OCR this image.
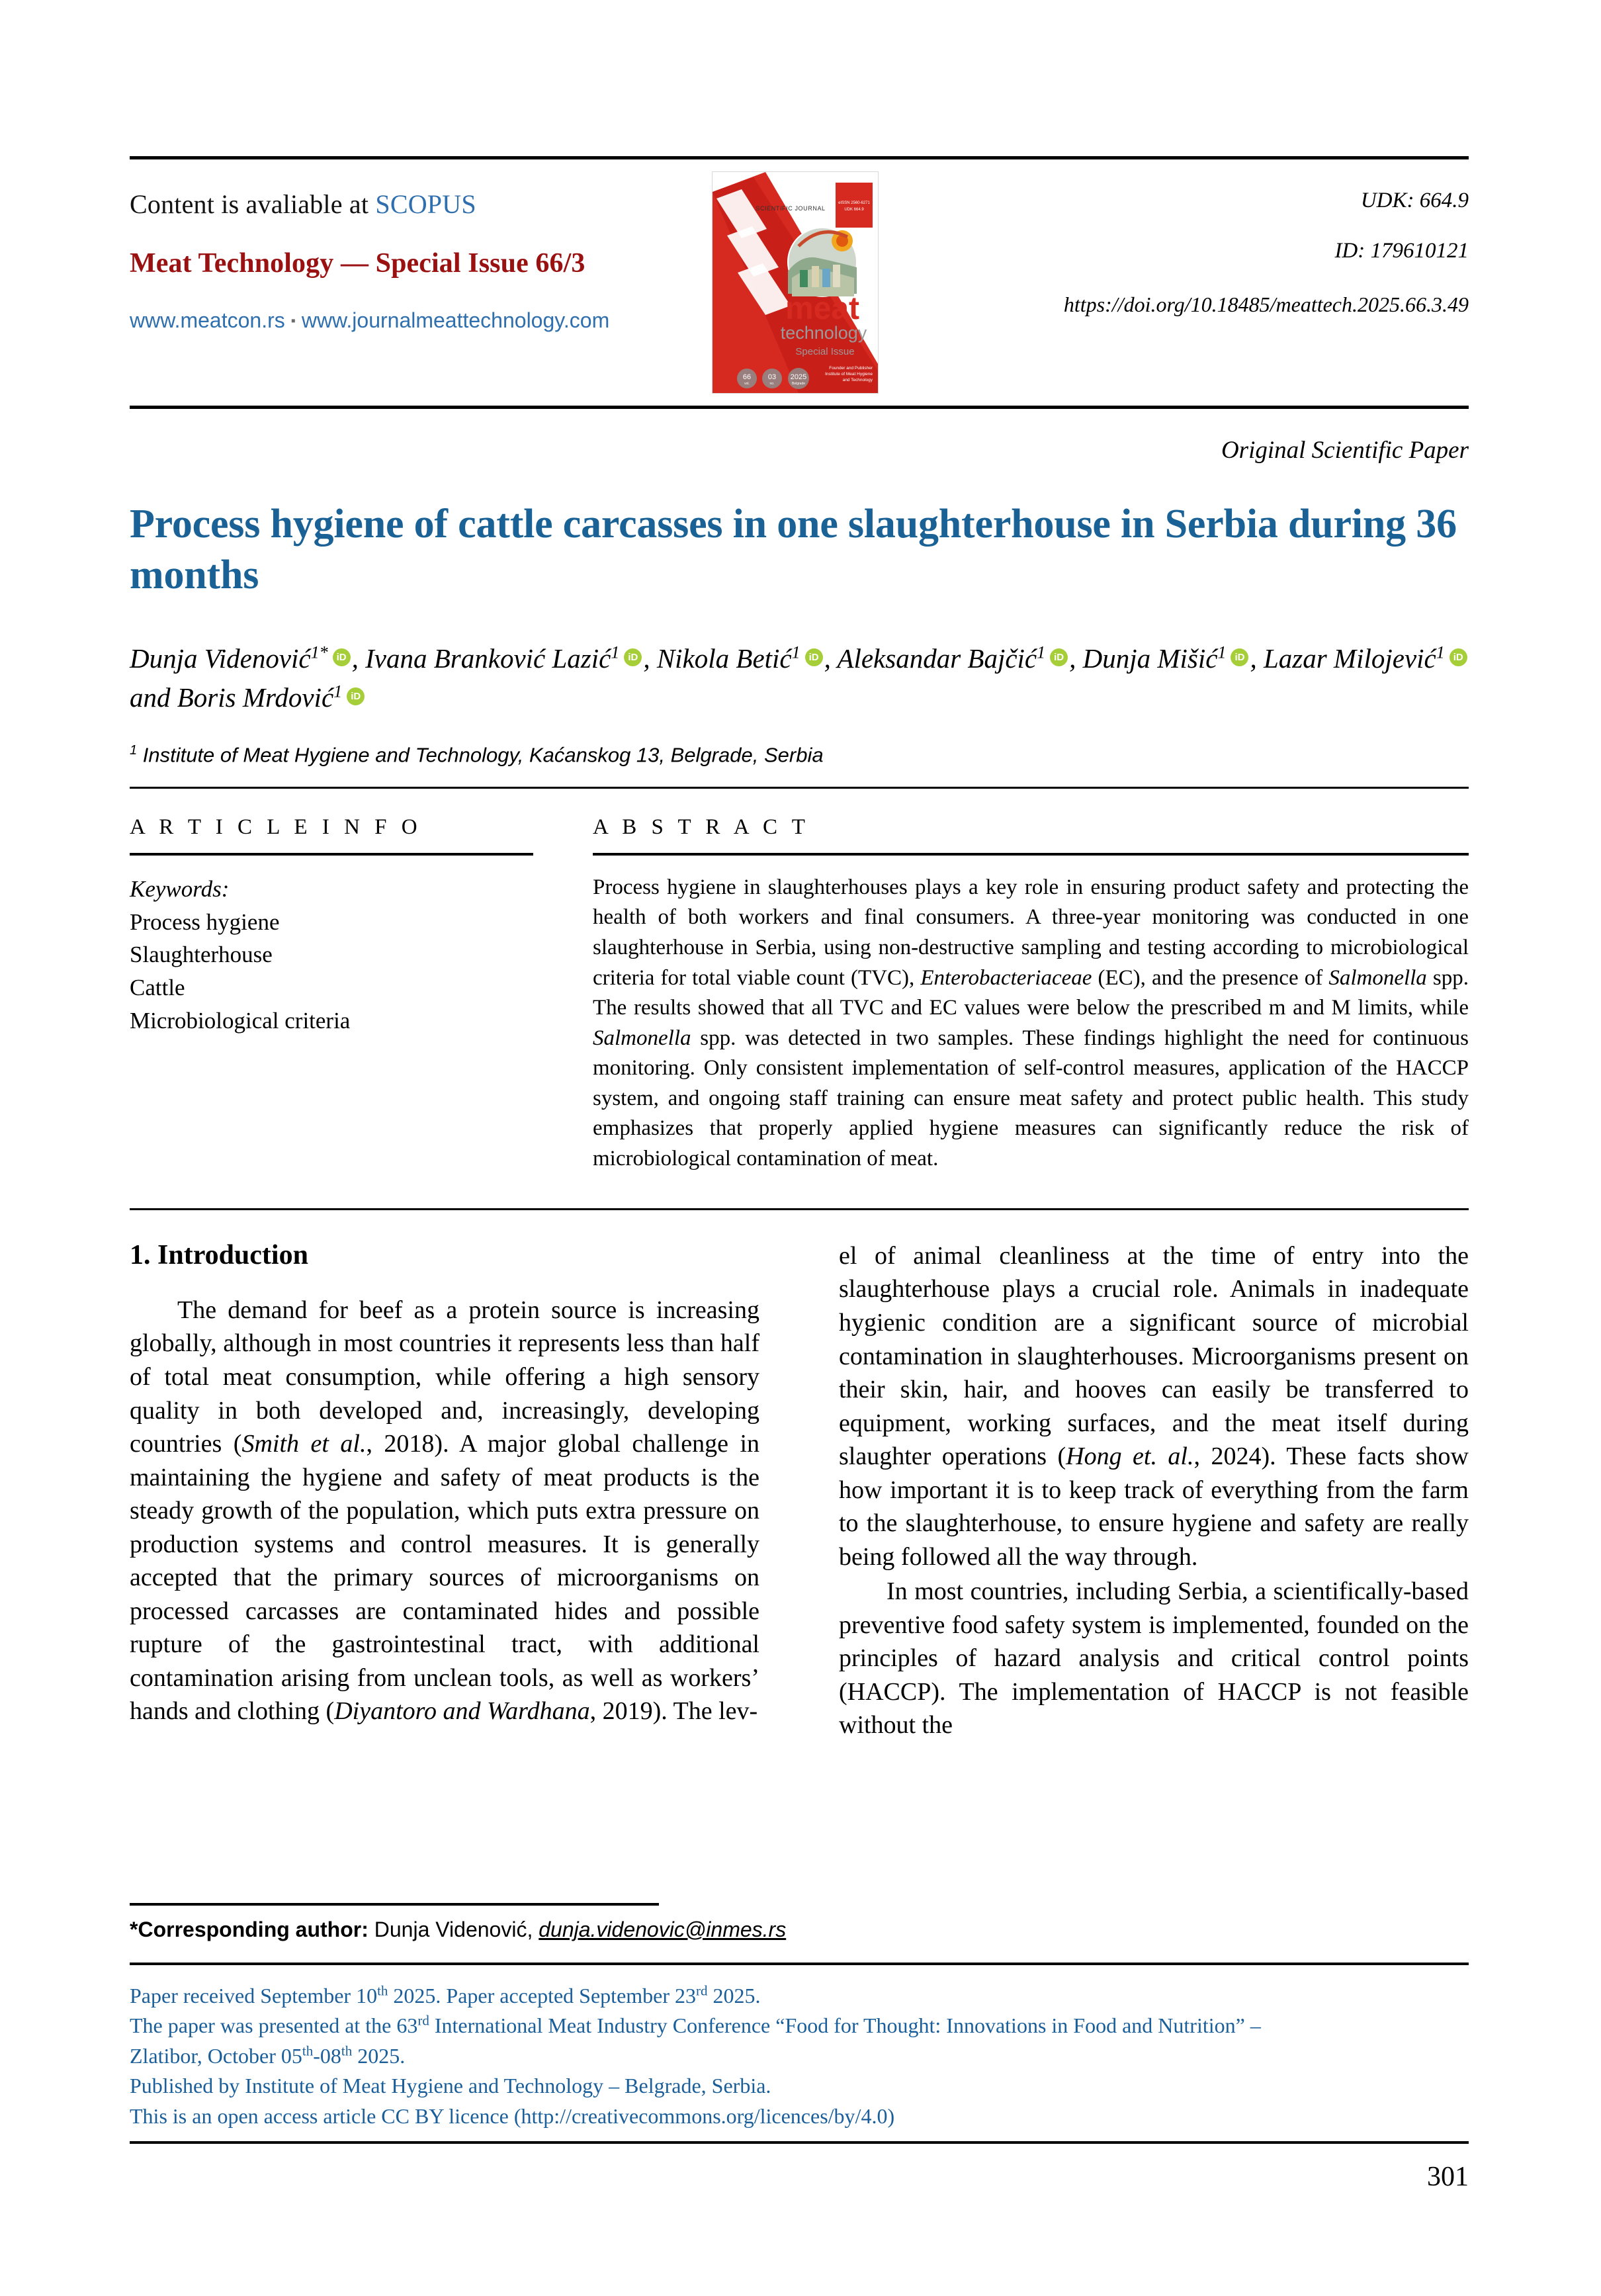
Content is avaliable at SCOPUS
Meat Technology — Special Issue 66/3
www.meatcon.rs ▪ www.journalmeattechnology.com
eISSN 2560-6271
UDK 664.9
SCIENTIFIC JOURNAL
meat
technology
Special Issue
Founder and Publisher
Institute of Meat Hygiene
and Technology
66
vol.
03
no.
2025
Belgrade
UDK: 664.9
ID: 179610121
https://doi.org/10.18485/meattech.2025.66.3.49
Original Scientific Paper
Process hygiene of cattle carcasses in one slaughterhouse in Serbia during 36 months
Dunja Videnović$^{1*}$ iD , Ivana Branković Lazić$^1$ iD , Nikola Betić$^1$ iD , Aleksandar Bajčić$^1$ iD , Dunja Mišić$^1$ iD , Lazar Milojević$^1$iD and Boris Mrdović$^1$iD
$^1$ Institute of Meat Hygiene and Technology, Kaćanskog 13, Belgrade, Serbia
A R T I C L E I N F O
Keywords:
Process hygiene
Slaughterhouse
Cattle
Microbiological criteria
A B S T R A C T
Process hygiene in slaughterhouses plays a key role in ensuring product safety and protecting the health of both workers and final consumers. A three-year monitoring was conducted in one slaughterhouse in Serbia, using non-destructive sampling and testing according to microbiological criteria for total viable count (TVC), Enterobacteriaceae (EC), and the presence of Salmonella spp. The results showed that all TVC and EC values were below the prescribed m and M limits, while Salmonella spp. was detected in two samples. These findings highlight the need for continuous monitoring. Only consistent implementation of self-control measures, application of the HACCP system, and ongoing staff training can ensure meat safety and protect public health. This study emphasizes that properly applied hygiene measures can significantly reduce the risk of microbiological contamination of meat.
1. Introduction

The demand for beef as a protein source is increasing globally, although in most countries it represents less than half of total meat consumption, while offering a high sensory quality in both developed and, increasingly, developing countries (Smith et al., 2018). A major global challenge in maintaining the hygiene and safety of meat products is the steady growth of the population, which puts extra pressure on production systems and control measures. It is generally accepted that the primary sources of microorganisms on processed carcasses are contaminated hides and possible rupture of the gastrointestinal tract, with additional contamination arising from unclean tools, as well as workers’ hands and clothing (Diyantoro and Wardhana, 2019). The lev-

el of animal cleanliness at the time of entry into the slaughterhouse plays a crucial role. Animals in inadequate hygienic condition are a significant source of microbial contamination in slaughterhouses. Microorganisms present on their skin, hair, and hooves can easily be transferred to equipment, working surfaces, and the meat itself during slaughter operations (Hong et. al., 2024). These facts show how important it is to keep track of everything from the farm to the slaughterhouse, to ensure hygiene and safety are really being followed all the way through.

In most countries, including Serbia, a scientifically-based preventive food safety system is implemented, founded on the principles of hazard analysis and critical control points (HACCP). The implementation of HACCP is not feasible without the

*Corresponding author: Dunja Videnović, dunja.videnovic@inmes.rs
Paper received September 10th 2025. Paper accepted September 23rd 2025.
The paper was presented at the 63rd International Meat Industry Conference “Food for Thought: Innovations in Food and Nutrition” –
Zlatibor, October 05th-08th 2025.
Published by Institute of Meat Hygiene and Technology – Belgrade, Serbia.
This is an open access article CC BY licence (http://creativecommons.org/licences/by/4.0)
301
